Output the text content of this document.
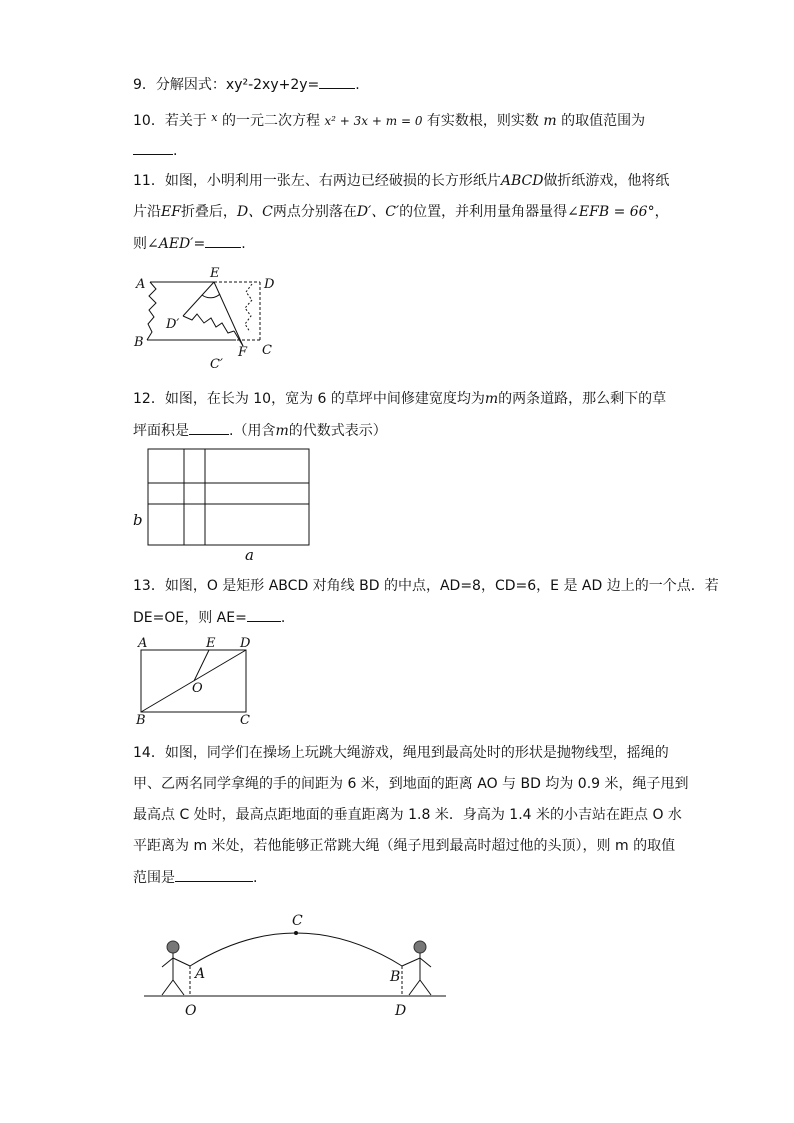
9．分解因式：xy²-2xy+2y=	.
10．若关于 $^x$ 的一元二次方程 x² + 3x + m = 0 有实数根，则实数 m 的取值范围为
.
11．如图，小明利用一张左、右两边已经破损的长方形纸片ABCD做折纸游戏，他将纸
片沿EF折叠后，D、C两点分别落在D′、C′的位置，并利用量角器量得∠EFB = 66°，
则∠AED′=	.
A
E
D
D′
B
C
F
C′
12．如图，在长为 10，宽为 6 的草坪中间修建宽度均为m的两条道路，那么剩下的草
坪面积是	.（用含m的代数式表示）
b
a
13．如图，O 是矩形 ABCD 对角线 BD 的中点，AD=8，CD=6，E 是 AD 边上的一个点．若
DE=OE，则 AE= .
A	E D
O
B	C
14．如图，同学们在操场上玩跳大绳游戏，绳甩到最高处时的形状是抛物线型，摇绳的
甲、乙两名同学拿绳的手的间距为 6 米，到地面的距离 AO 与 BD 均为 0.9 米，绳子甩到
最高点 C 处时，最高点距地面的垂直距离为 1.8 米．身高为 1.4 米的小吉站在距点 O 水
平距离为 m 米处，若他能够正常跳大绳（绳子甩到最高时超过他的头顶），则 m 的取值
范围是	.
C
A	B
O	D
